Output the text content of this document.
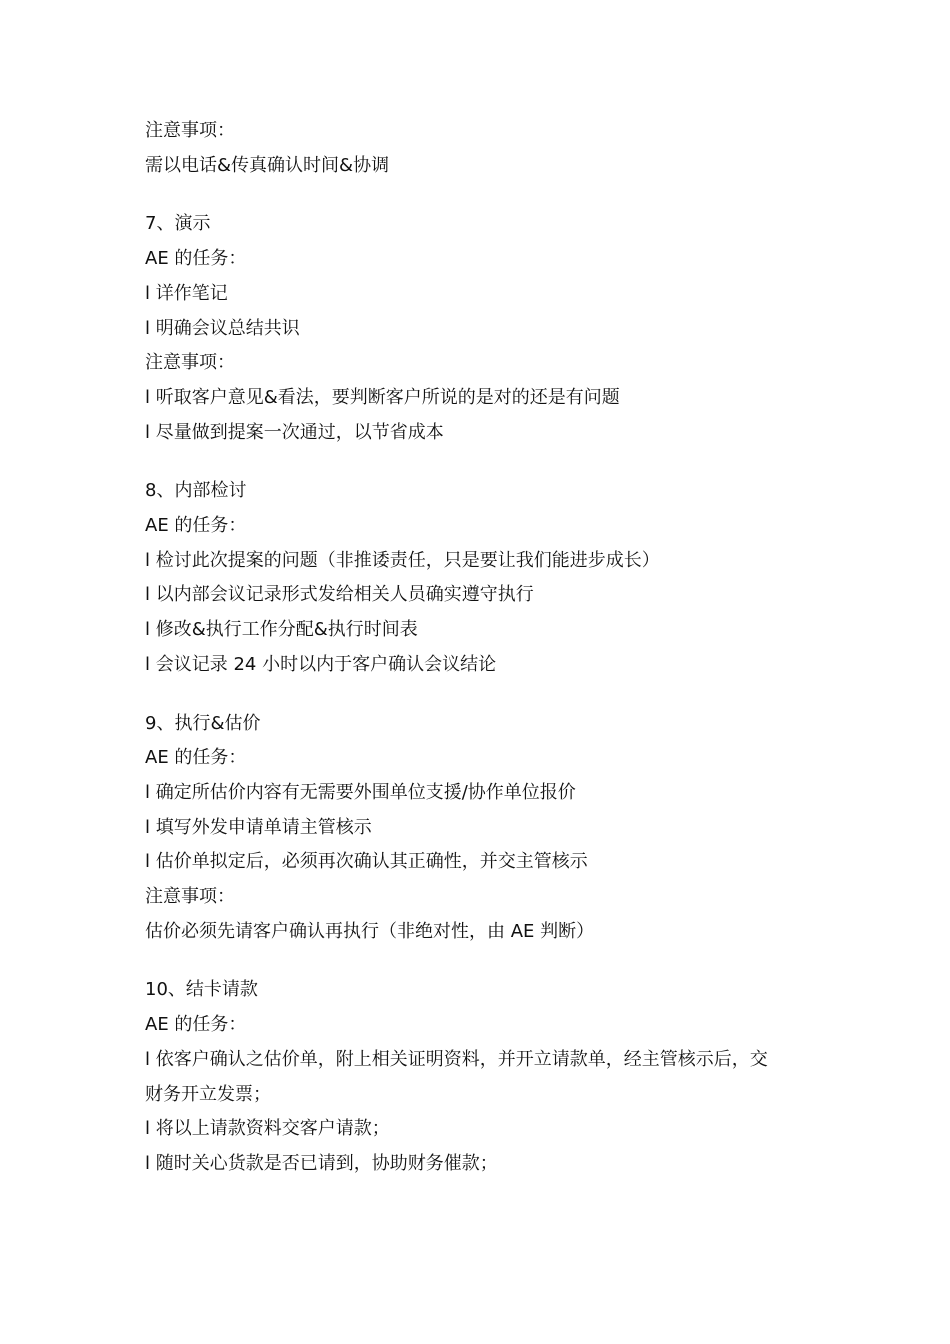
注意事项：
需以电话&传真确认时间&协调
7、演示
AE 的任务：
l 详作笔记
l 明确会议总结共识
注意事项：
l 听取客户意见&看法，要判断客户所说的是对的还是有问题
l 尽量做到提案一次通过，以节省成本
8、内部检讨
AE 的任务：
l 检讨此次提案的问题（非推诿责任，只是要让我们能进步成长）
l 以内部会议记录形式发给相关人员确实遵守执行
l 修改&执行工作分配&执行时间表
l 会议记录 24 小时以内于客户确认会议结论
9、执行&估价
AE 的任务：
l 确定所估价内容有无需要外围单位支援/协作单位报价
l 填写外发申请单请主管核示
l 估价单拟定后，必须再次确认其正确性，并交主管核示
注意事项：
估价必须先请客户确认再执行（非绝对性，由 AE 判断）
10、结卡请款
AE 的任务：
l 依客户确认之估价单，附上相关证明资料，并开立请款单，经主管核示后，交
财务开立发票；
l 将以上请款资料交客户请款；
l 随时关心货款是否已请到，协助财务催款；
